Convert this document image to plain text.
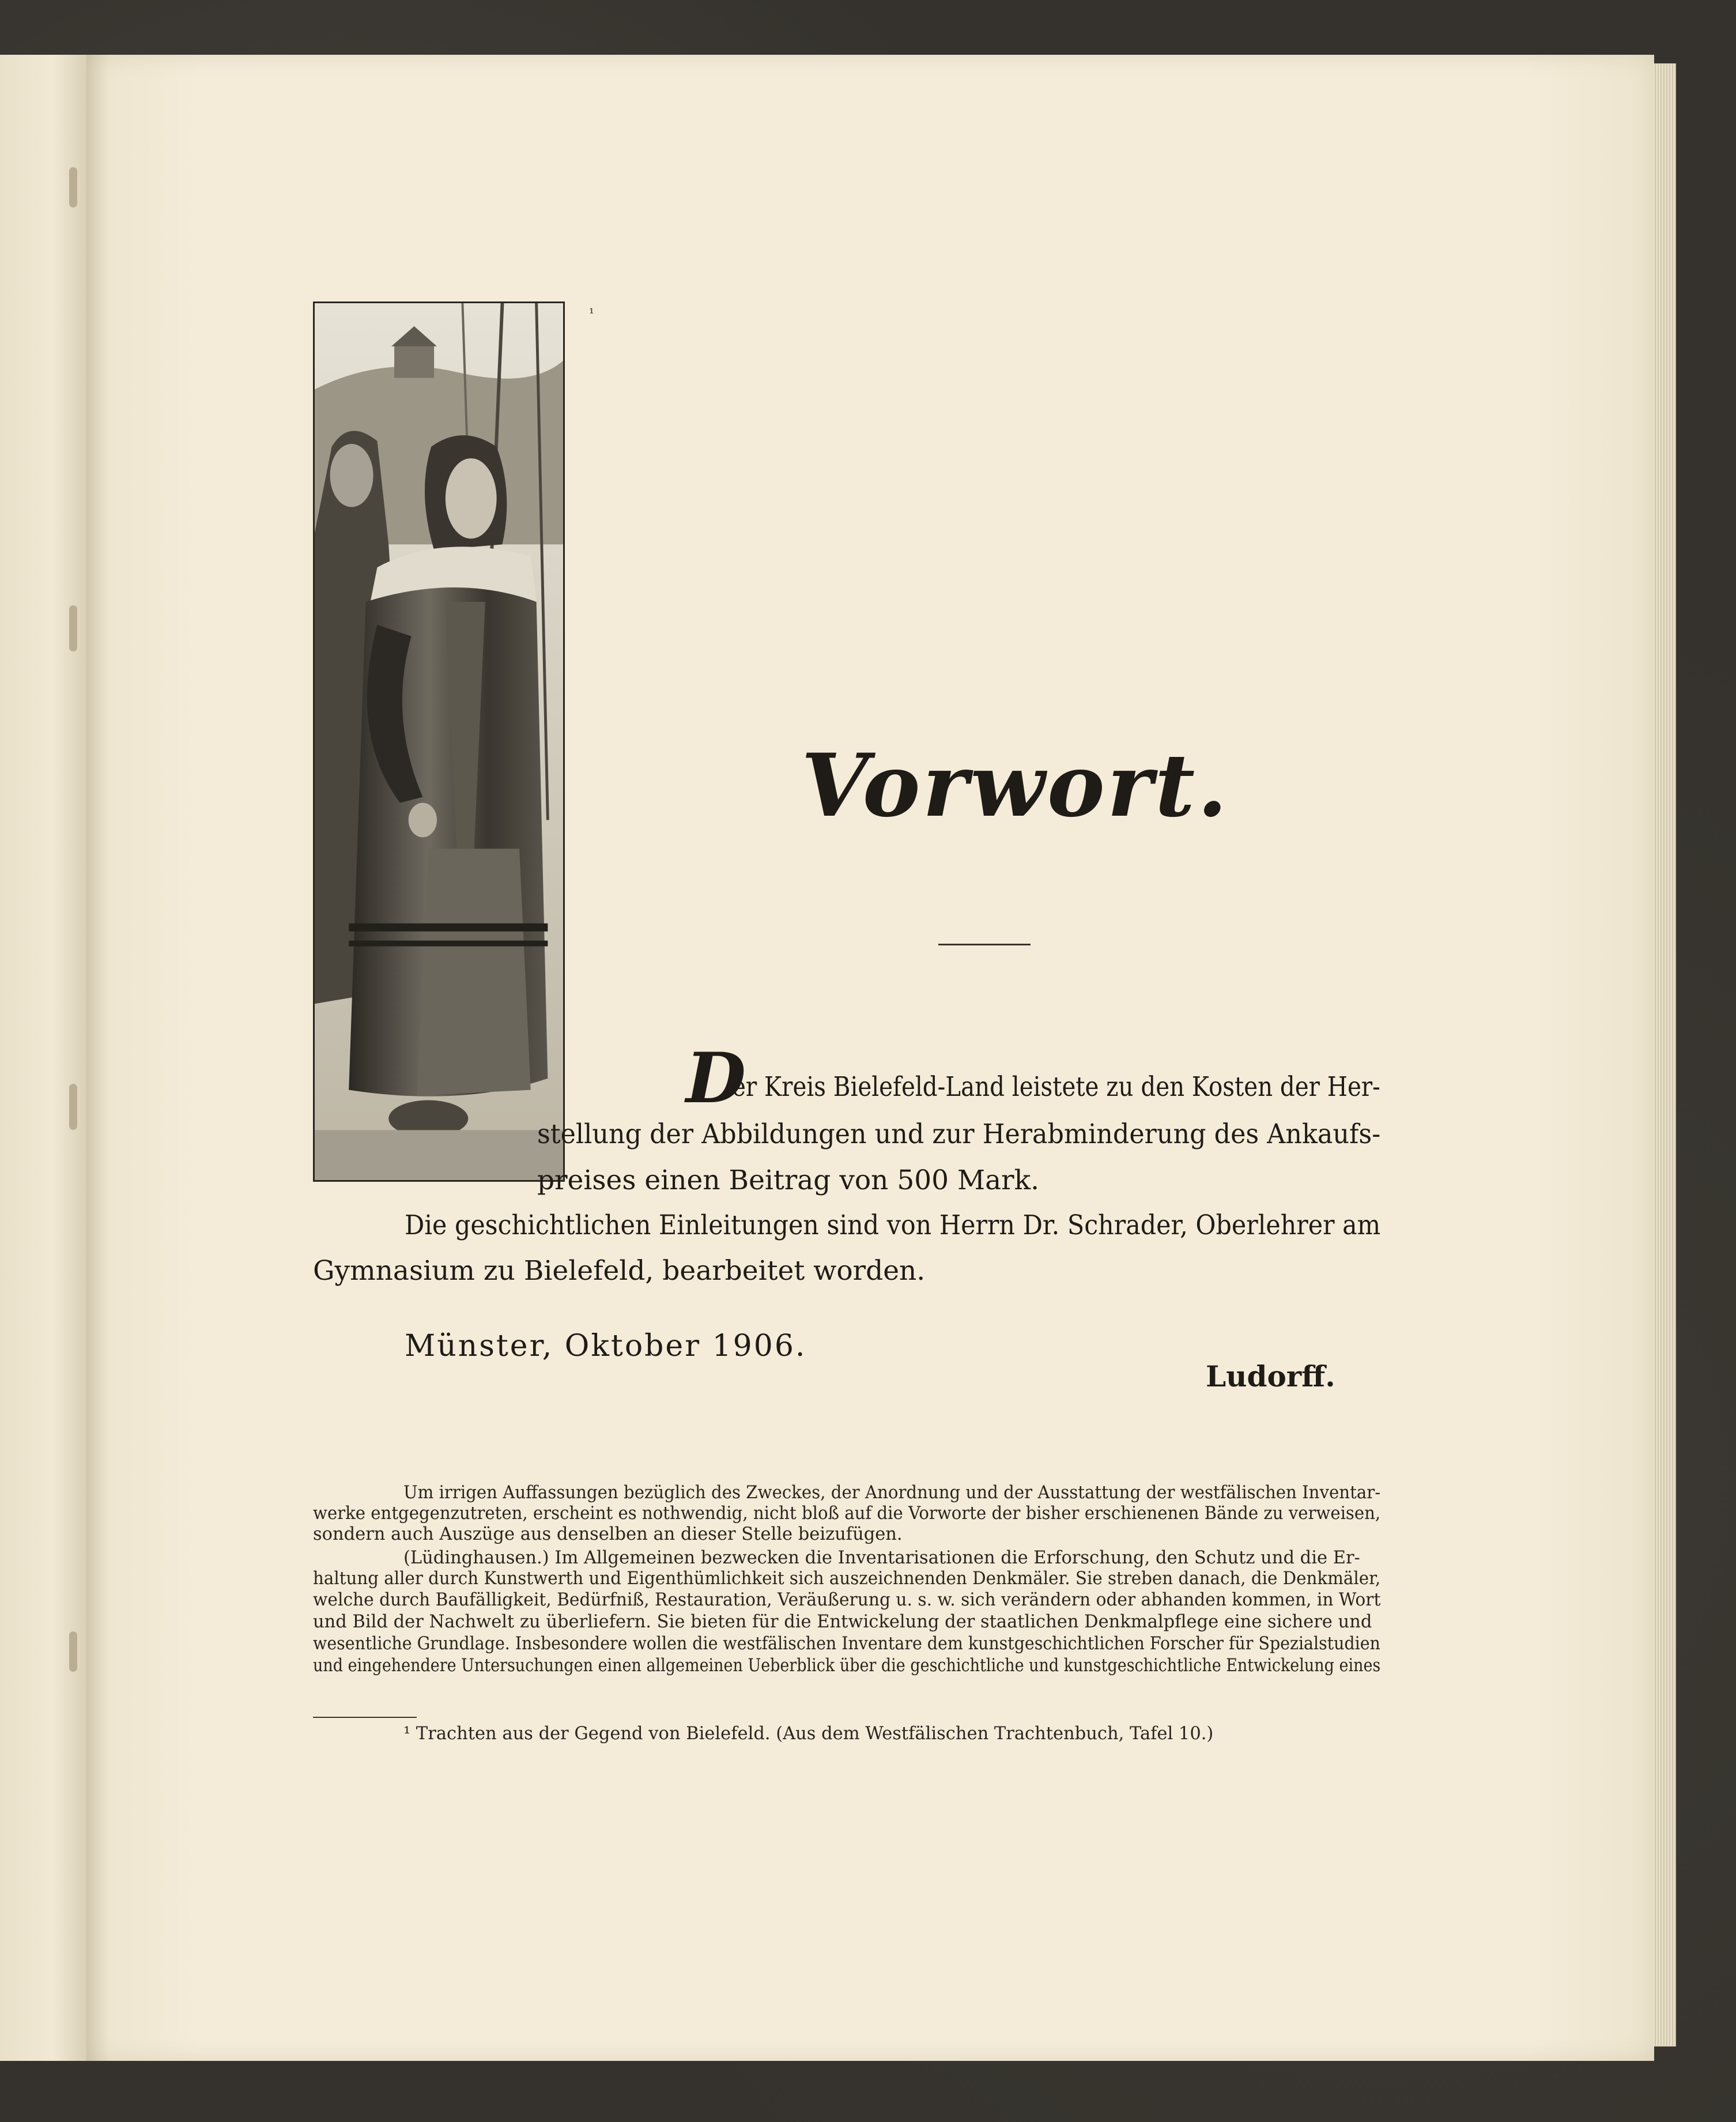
¹
Vorwort.
D
er Kreis Bielefeld-Land leistete zu den Kosten der Her-
stellung der Abbildungen und zur Herabminderung des Ankaufs-
preises einen Beitrag von 500 Mark.
Die geschichtlichen Einleitungen sind von Herrn Dr. Schrader, Oberlehrer am
Gymnasium zu Bielefeld, bearbeitet worden.
Münster, Oktober 1906.
Ludorff.
Um irrigen Auffassungen bezüglich des Zweckes, der Anordnung und der Ausstattung der westfälischen Inventar-
werke entgegenzutreten, erscheint es nothwendig, nicht bloß auf die Vorworte der bisher erschienenen Bände zu verweisen,
sondern auch Auszüge aus denselben an dieser Stelle beizufügen.
(Lüdinghausen.) Im Allgemeinen bezwecken die Inventarisationen die Erforschung, den Schutz und die Er-
haltung aller durch Kunstwerth und Eigenthümlichkeit sich auszeichnenden Denkmäler. Sie streben danach, die Denkmäler,
welche durch Baufälligkeit, Bedürfniß, Restauration, Veräußerung u. s. w. sich verändern oder abhanden kommen, in Wort
und Bild der Nachwelt zu überliefern. Sie bieten für die Entwickelung der staatlichen Denkmalpflege eine sichere und
wesentliche Grundlage. Insbesondere wollen die westfälischen Inventare dem kunstgeschichtlichen Forscher für Spezialstudien
und eingehendere Untersuchungen einen allgemeinen Ueberblick über die geschichtliche und kunstgeschichtliche Entwickelung eines
¹ Trachten aus der Gegend von Bielefeld. (Aus dem Westfälischen Trachtenbuch, Tafel 10.)
